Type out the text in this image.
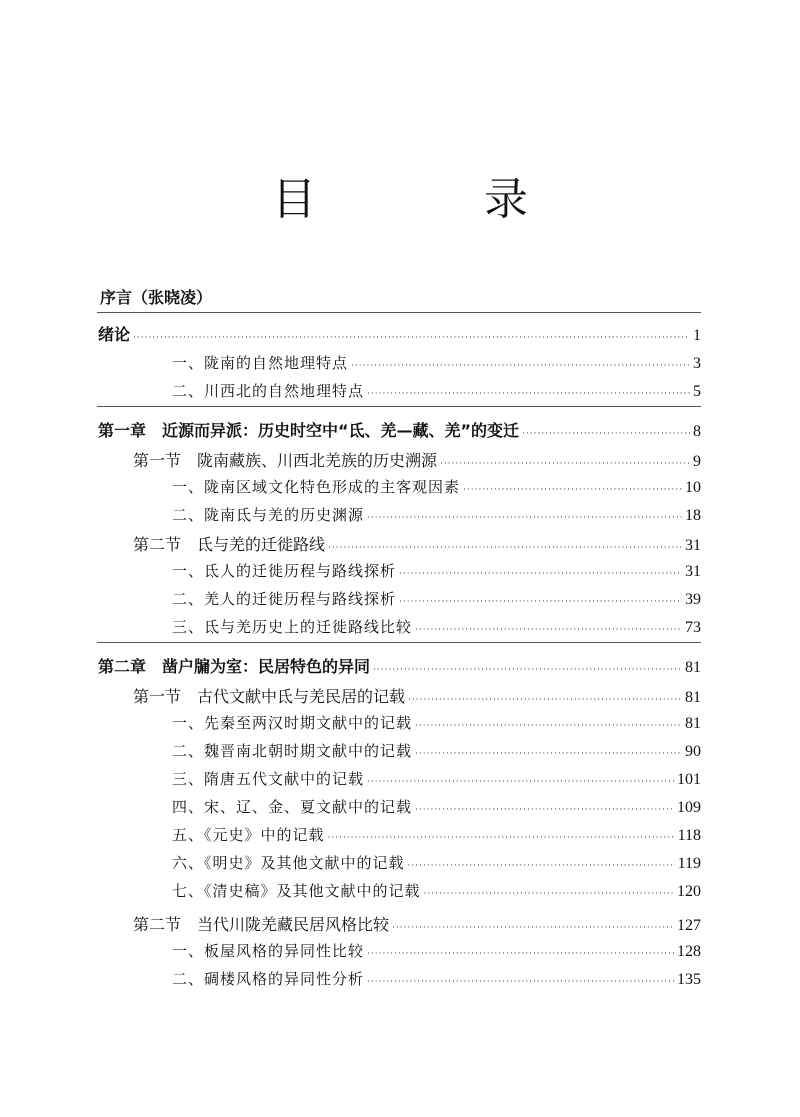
目　录
序言（张晓凌）
绪论 ·····	1
一、陇南的自然地理特点 ·····	3
二、川西北的自然地理特点 ·····	5
第一章　近源而异派：历史时空中“氐、羌—藏、羌”的变迁 ·····	8
第一节　陇南藏族、川西北羌族的历史溯源 ·····	9
一、陇南区域文化特色形成的主客观因素 ·····	10
二、陇南氐与羌的历史渊源 ·····	18
第二节　氐与羌的迁徙路线 ·····	31
一、氐人的迁徙历程与路线探析 ·····	31
二、羌人的迁徙历程与路线探析 ·····	39
三、氐与羌历史上的迁徙路线比较 ·····	73
第二章　凿户牖为室：民居特色的异同 ·····	81
第一节　古代文献中氐与羌民居的记载 ·····	81
一、先秦至两汉时期文献中的记载 ·····	81
二、魏晋南北朝时期文献中的记载 ·····	90
三、隋唐五代文献中的记载 ·····	101
四、宋、辽、金、夏文献中的记载 ·····	109
五、《元史》中的记载 ·····	118
六、《明史》及其他文献中的记载 ·····	119
七、《清史稿》及其他文献中的记载 ·····	120
第二节　当代川陇羌藏民居风格比较 ·····	127
一、板屋风格的异同性比较 ·····	128
二、碉楼风格的异同性分析 ·····	135
